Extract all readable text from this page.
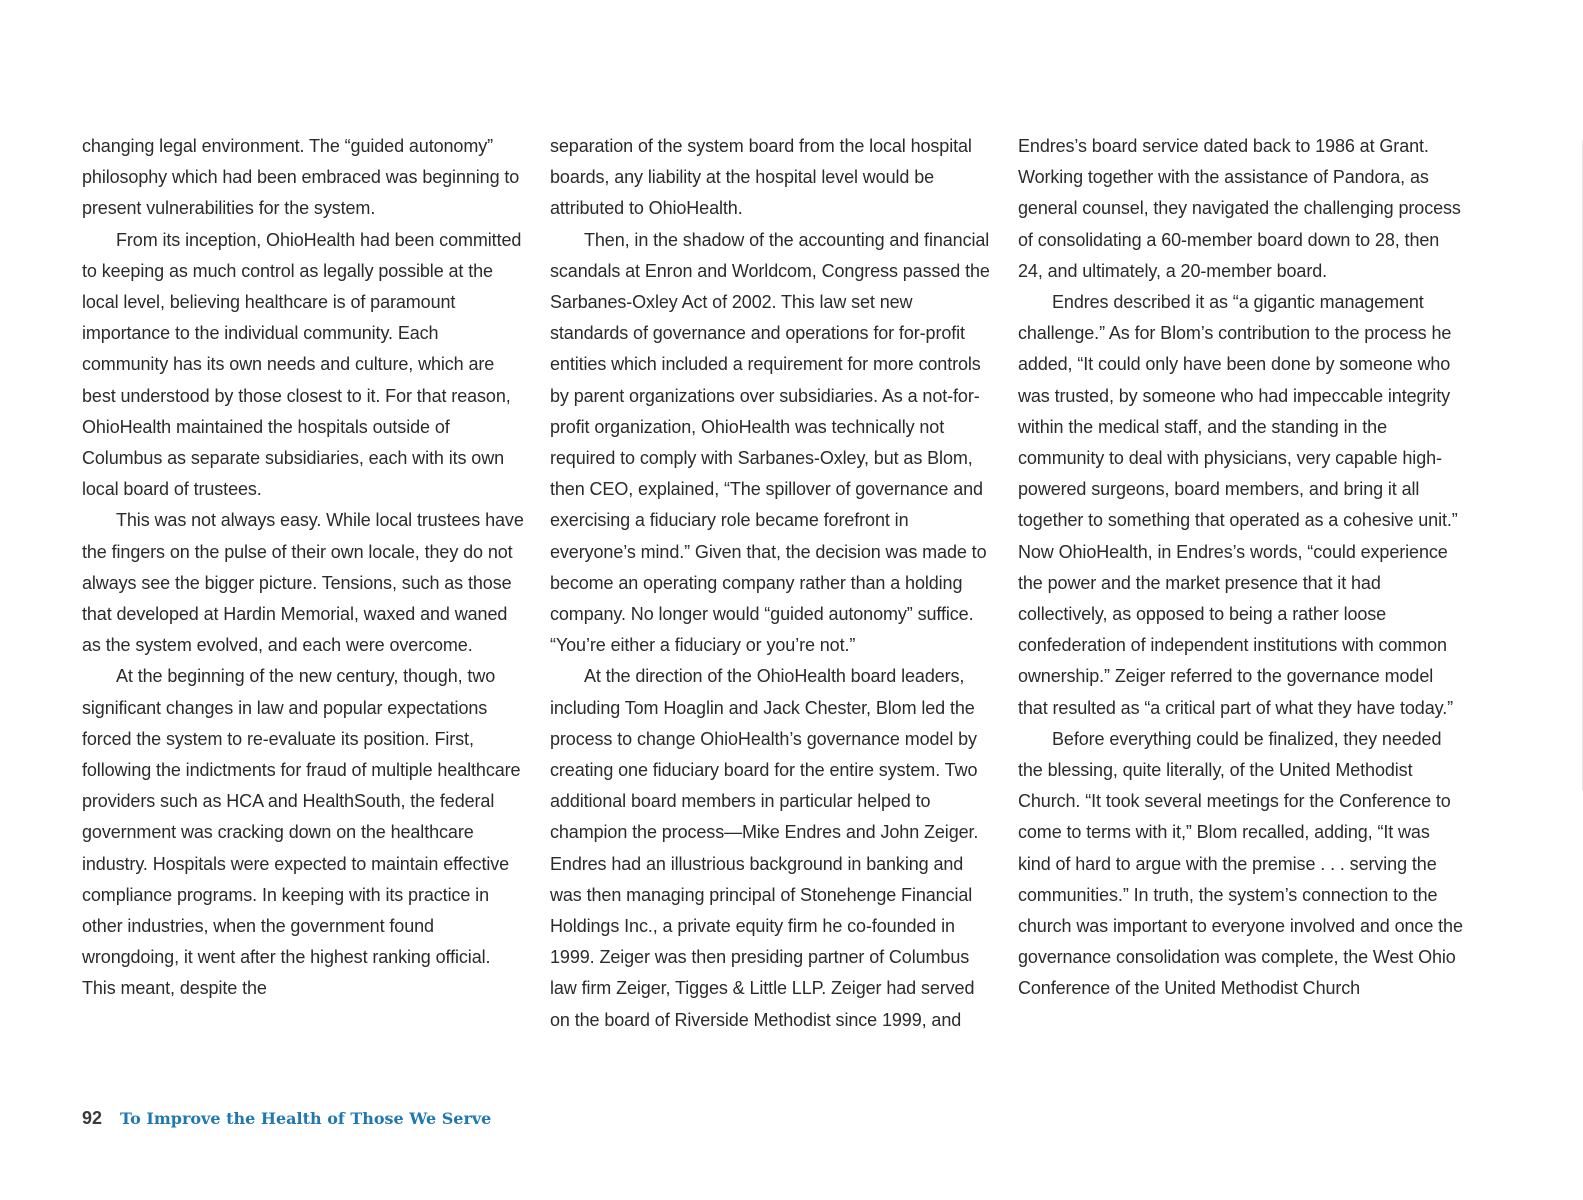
changing legal environment. The “guided autonomy” philosophy which had been embraced was beginning to present vulnerabilities for the system.

From its inception, OhioHealth had been committed to keeping as much control as legally possible at the local level, believing healthcare is of paramount importance to the individual community. Each community has its own needs and culture, which are best understood by those closest to it. For that reason, OhioHealth maintained the hospitals outside of Columbus as separate subsidiaries, each with its own local board of trustees.

This was not always easy. While local trustees have the fingers on the pulse of their own locale, they do not always see the bigger picture. Tensions, such as those that developed at Hardin Memorial, waxed and waned as the system evolved, and each were overcome.

At the beginning of the new century, though, two significant changes in law and popular expectations forced the system to re-evaluate its position. First, following the indictments for fraud of multiple healthcare providers such as HCA and HealthSouth, the federal government was cracking down on the healthcare industry. Hospitals were expected to maintain effective compliance programs. In keeping with its practice in other industries, when the government found wrongdoing, it went after the highest ranking official. This meant, despite the

separation of the system board from the local hospital boards, any liability at the hospital level would be attributed to OhioHealth.

Then, in the shadow of the accounting and financial scandals at Enron and Worldcom, Congress passed the Sarbanes-Oxley Act of 2002. This law set new standards of governance and operations for for-profit entities which included a requirement for more controls by parent organizations over subsidiaries. As a not-for-profit organization, OhioHealth was technically not required to comply with Sarbanes-Oxley, but as Blom, then CEO, explained, “The spillover of governance and exercising a fiduciary role became forefront in everyone’s mind.” Given that, the decision was made to become an operating company rather than a holding company. No longer would “guided autonomy” suffice. “You’re either a fiduciary or you’re not.”

At the direction of the OhioHealth board leaders, including Tom Hoaglin and Jack Chester, Blom led the process to change OhioHealth’s governance model by creating one fiduciary board for the entire system. Two additional board members in particular helped to champion the process—Mike Endres and John Zeiger. Endres had an illustrious background in banking and was then managing principal of Stonehenge Financial Holdings Inc., a private equity firm he co-founded in 1999. Zeiger was then presiding partner of Columbus law firm Zeiger, Tigges & Little LLP. Zeiger had served on the board of Riverside Methodist since 1999, and

Endres’s board service dated back to 1986 at Grant. Working together with the assistance of Pandora, as general counsel, they navigated the challenging process of consolidating a 60-member board down to 28, then 24, and ultimately, a 20-member board.

Endres described it as “a gigantic management challenge.” As for Blom’s contribution to the process he added, “It could only have been done by someone who was trusted, by someone who had impeccable integrity within the medical staff, and the standing in the community to deal with physicians, very capable high-powered surgeons, board members, and bring it all together to something that operated as a cohesive unit.” Now OhioHealth, in Endres’s words, “could experience the power and the market presence that it had collectively, as opposed to being a rather loose confederation of independent institutions with common ownership.” Zeiger referred to the governance model that resulted as “a critical part of what they have today.”

Before everything could be finalized, they needed the blessing, quite literally, of the United Methodist Church. “It took several meetings for the Conference to come to terms with it,” Blom recalled, adding, “It was kind of hard to argue with the premise . . . serving the communities.” In truth, the system’s connection to the church was important to everyone involved and once the governance consolidation was complete, the West Ohio Conference of the United Methodist Church

92 To Improve the Health of Those We Serve
